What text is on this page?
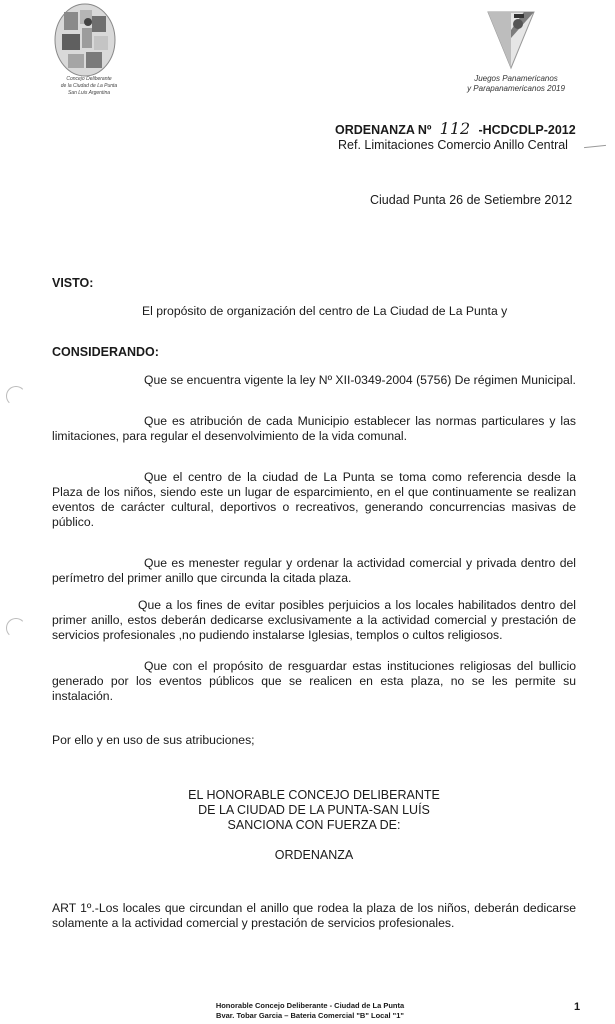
Concejo Deliberante
de la Ciudad de La Punta
San Luis Argentina
Juegos Panamericanos
y Parapanamericanos 2019
ORDENANZA Nº 112 -HCDCDLP-2012
Ref. Limitaciones Comercio Anillo Central
Ciudad Punta 26 de Setiembre 2012
VISTO:
El propósito de organización del centro de La Ciudad de La Punta y
CONSIDERANDO:
Que se encuentra vigente la ley Nº XII-0349-2004 (5756) De régimen Municipal.
Que es atribución de cada Municipio establecer las normas particulares y las limitaciones, para regular el desenvolvimiento de la vida comunal.
Que el centro de la ciudad de La Punta se toma como referencia desde la Plaza de los niños, siendo este un lugar de esparcimiento, en el que continuamente se realizan eventos de carácter cultural, deportivos o recreativos, generando concurrencias masivas de público.
Que es menester regular y ordenar la actividad comercial y privada dentro del perímetro del primer anillo que circunda la citada plaza.
Que a los fines de evitar posibles perjuicios a los locales habilitados dentro del primer anillo, estos deberán dedicarse exclusivamente a la actividad comercial y prestación de servicios profesionales ,no pudiendo instalarse Iglesias, templos o cultos religiosos.
Que con el propósito de resguardar estas instituciones religiosas del bullicio generado por los eventos públicos que se realicen en esta plaza, no se les permite su instalación.
Por ello y en uso de sus atribuciones;
EL HONORABLE CONCEJO DELIBERANTE
DE LA CIUDAD DE LA PUNTA-SAN LUÍS
SANCIONA CON FUERZA DE:
ORDENANZA
ART 1º.-Los locales que circundan el anillo que rodea la plaza de los niños, deberán dedicarse solamente a la actividad comercial y prestación de servicios profesionales.
Honorable Concejo Deliberante - Ciudad de La Punta
Bvar. Tobar Garcia – Bateria Comercial "B" Local "1"
1
